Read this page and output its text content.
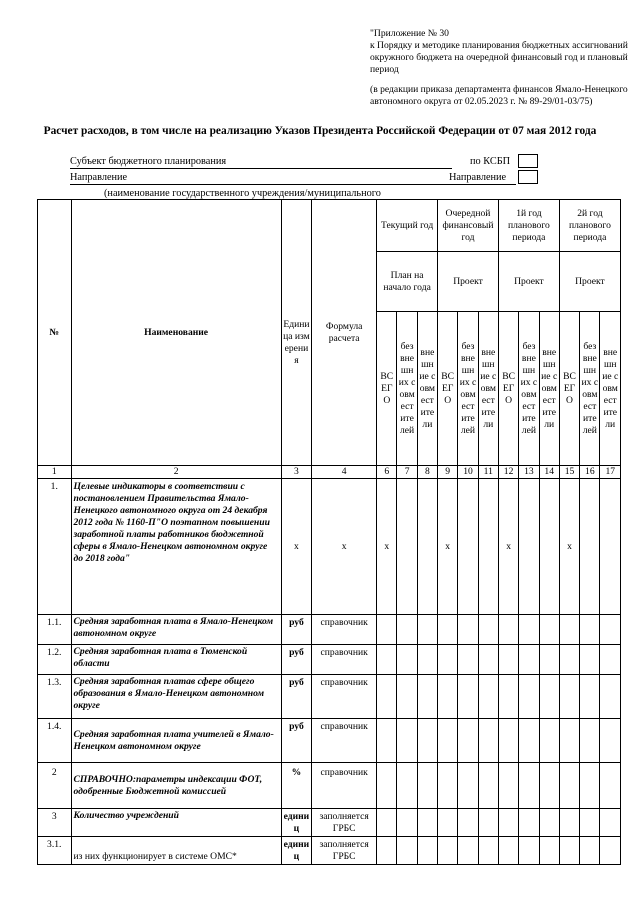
"Приложение № 30
к Порядку и методике планирования бюджетных ассигнований окружного бюджета на очередной финансовый год и плановый период
(в редакции приказа департамента финансов Ямало-Ненецкого автономного округа от 02.05.2023 г. № 89-29/01-03/75)
Расчет расходов, в том числе на реализацию Указов Президента Российской Федерации от 07 мая 2012 года
Субъект бюджетного планирования	по КСБП
Направление	Направление
(наименование государственного учреждения/муниципального
№	Наименование	Единица измерения	Формула расчета	Текущий год			Очередной финансовый год			1й год планового периода			2й год планового периода		
				План на начало года			Проект			Проект			Проект		
				ВСЕГО	без внешних совместителей	внешние совместители	ВСЕГО	без внешних совместителей	внешние совместители	ВСЕГО	без внешних совместителей	внешние совместители	ВСЕГО	без внешних совместителей	внешние совместители
1	2	3	4	6	7	8	9	10	11	12	13	14	15	16	17
1.	Целевые индикаторы в соответствии с постановлением Правительства Ямало-Ненецкого автономного округа от 24 декабря 2012 года № 1160-П"О поэтапном повышении заработной платы работников бюджетной сферы в Ямало-Ненецком автономном округе до 2018 года"	х	х	х			х			х			х		
1.1.	Средняя заработная плата в Ямало-Ненецком автономном округе	руб	справочник												
1.2.	Средняя заработная плата в Тюменской области	руб	справочник												
1.3.	Средняя заработная платав сфере общего образования в Ямало-Ненецком автономном округе	руб	справочник												
1.4.	Средняя заработная плата учителей в Ямало-Ненецком автономном округе	руб	справочник												
2	СПРАВОЧНО:параметры индексации ФОТ, одобренные Бюджетной комиссией	%	справочник												
3	Количество учреждений	единиц	заполняется ГРБС												
3.1.	из них функционирует в системе ОМС*	единиц	заполняется ГРБС												
